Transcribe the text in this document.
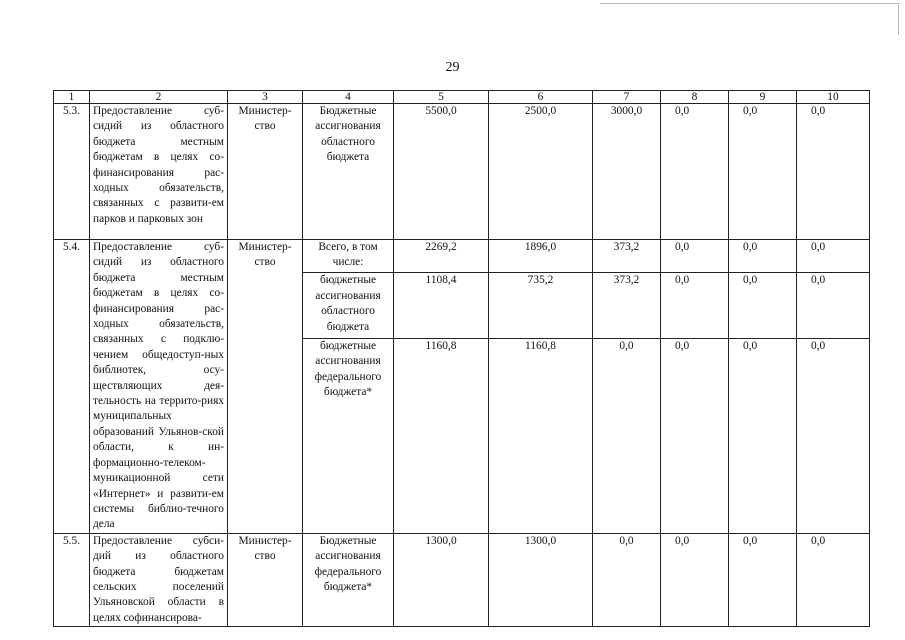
29
1	2	3	4	5	6	7	8	9	10
5.3.	Предоставление суб-сидий из областного бюджета местным бюджетам в целях со-финансирования рас-ходных обязательств, связанных с развити-ем парков и парковых зон	Министер-ство	Бюджетные ассигнования областного бюджета	5500,0	2500,0	3000,0	0,0	0,0	0,0
5.4.	Предоставление суб-сидий из областного бюджета местным бюджетам в целях со-финансирования рас-ходных обязательств, связанных с подклю-чением общедоступ-ных библиотек, осу-ществляющих дея-тельность на террито-риях муниципальных образований Ульянов-ской области, к ин-формационно-телеком-муникационной сети «Интернет» и развити-ем системы библио-течного дела	Министер-ство	Всего, в том числе:	2269,2	1896,0	373,2	0,0	0,0	0,0
			бюджетные ассигнования областного бюджета	1108,4	735,2	373,2	0,0	0,0	0,0
			бюджетные ассигнования федерального бюджета*	1160,8	1160,8	0,0	0,0	0,0	0,0
5.5.	Предоставление субси-дий из областного бюджета бюджетам сельских поселений Ульяновской области в целях софинансирова-	Министер-ство	Бюджетные ассигнования федерального бюджета*	1300,0	1300,0	0,0	0,0	0,0	0,0
